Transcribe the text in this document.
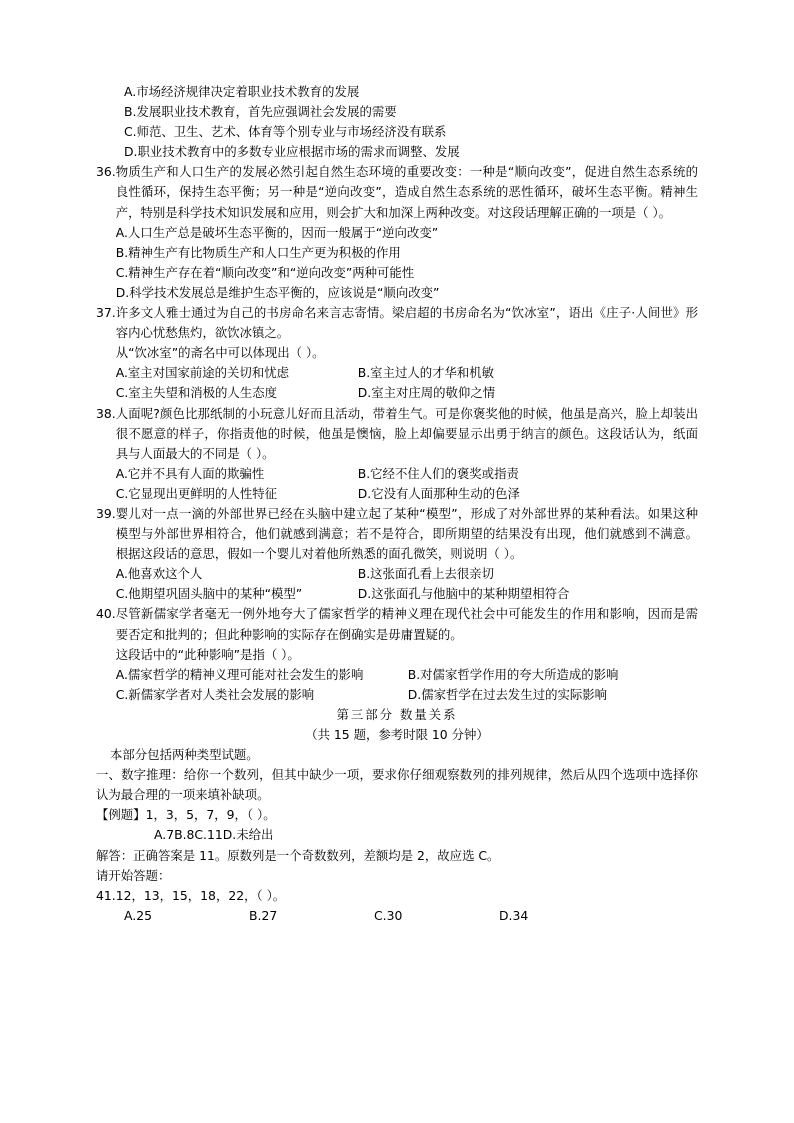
A.市场经济规律决定着职业技术教育的发展
B.发展职业技术教育，首先应强调社会发展的需要
C.师范、卫生、艺术、体育等个别专业与市场经济没有联系
D.职业技术教育中的多数专业应根据市场的需求而调整、发展
36. 物质生产和人口生产的发展必然引起自然生态环境的重要改变：一种是“顺向改变”，促进自然生态系统的良性循环，保持生态平衡；另一种是“逆向改变”，造成自然生态系统的恶性循环，破坏生态平衡。精神生产，特别是科学技术知识发展和应用，则会扩大和加深上两种改变。对这段话理解正确的一项是（ ）。
A.人口生产总是破坏生态平衡的，因而一般属于“逆向改变”
B.精神生产有比物质生产和人口生产更为积极的作用
C.精神生产存在着“顺向改变”和“逆向改变”两种可能性
D.科学技术发展总是维护生态平衡的，应该说是“顺向改变”
37. 许多文人雅士通过为自己的书房命名来言志寄情。梁启超的书房命名为“饮冰室”，语出《庄子·人间世》形容内心忧愁焦灼，欲饮冰镇之。
从“饮冰室”的斋名中可以体现出（ ）。
A.室主对国家前途的关切和忧虑	B.室主过人的才华和机敏
C.室主失望和消极的人生态度	D.室主对庄周的敬仰之情
38. 人面呢?颜色比那纸制的小玩意儿好而且活动，带着生气。可是你褒奖他的时候，他虽是高兴，脸上却装出很不愿意的样子，你指责他的时候，他虽是懊恼，脸上却偏要显示出勇于纳言的颜色。这段话认为，纸面具与人面最大的不同是（ ）。
A.它并不具有人面的欺骗性	B.它经不住人们的褒奖或指责
C.它显现出更鲜明的人性特征	D.它没有人面那种生动的色泽
39. 婴儿对一点一滴的外部世界已经在头脑中建立起了某种“模型”，形成了对外部世界的某种看法。如果这种模型与外部世界相符合，他们就感到满意；若不是符合，即所期望的结果没有出现，他们就感到不满意。根据这段话的意思，假如一个婴儿对着他所熟悉的面孔微笑，则说明（ ）。
A.他喜欢这个人	B.这张面孔看上去很亲切
C.他期望巩固头脑中的某种“模型”	D.这张面孔与他脑中的某种期望相符合
40. 尽管新儒家学者毫无一例外地夸大了儒家哲学的精神义理在现代社会中可能发生的作用和影响，因而是需要否定和批判的；但此种影响的实际存在倒确实是毋庸置疑的。
这段话中的“此种影响”是指（ ）。
A.儒家哲学的精神义理可能对社会发生的影响	B.对儒家哲学作用的夸大所造成的影响
C.新儒家学者对人类社会发展的影响	D.儒家哲学在过去发生过的实际影响
第三部分 数量关系
（共 15 题，参考时限 10 分钟）
本部分包括两种类型试题。
一、数字推理：给你一个数列，但其中缺少一项，要求你仔细观察数列的排列规律，然后从四个选项中选择你认为最合理的一项来填补缺项。
【例题】1，3，5，7，9，（ ）。
A.7B.8C.11D.未给出
解答：正确答案是 11。原数列是一个奇数数列，差额均是 2，故应选 C。
请开始答题：
41.12，13，15，18，22，（ ）。
A.25	B.27	C.30	D.34
